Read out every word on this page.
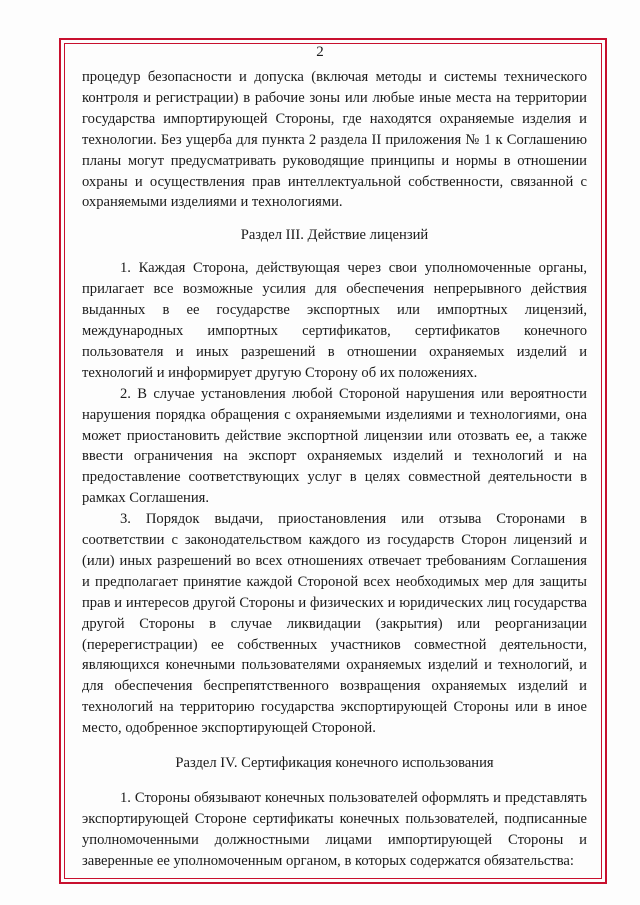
2

процедур безопасности и допуска (включая методы и системы технического контроля и регистрации) в рабочие зоны или любые иные места на территории государства импортирующей Стороны, где находятся охраняемые изделия и технологии. Без ущерба для пункта 2 раздела II приложения № 1 к Соглашению планы могут предусматривать руководящие принципы и нормы в отношении охраны и осуществления прав интеллектуальной собственности, связанной с охраняемыми изделиями и технологиями.

Раздел III. Действие лицензий

1. Каждая Сторона, действующая через свои уполномоченные органы, прилагает все возможные усилия для обеспечения непрерывного действия выданных в ее государстве экспортных или импортных лицензий, международных импортных сертификатов, сертификатов конечного пользователя и иных разрешений в отношении охраняемых изделий и технологий и информирует другую Сторону об их положениях.

2. В случае установления любой Стороной нарушения или вероятности нарушения порядка обращения с охраняемыми изделиями и технологиями, она может приостановить действие экспортной лицензии или отозвать ее, а также ввести ограничения на экспорт охраняемых изделий и технологий и на предоставление соответствующих услуг в целях совместной деятельности в рамках Соглашения.

3. Порядок выдачи, приостановления или отзыва Сторонами в соответствии с законодательством каждого из государств Сторон лицензий и (или) иных разрешений во всех отношениях отвечает требованиям Соглашения и предполагает принятие каждой Стороной всех необходимых мер для защиты прав и интересов другой Стороны и физических и юридических лиц государства другой Стороны в случае ликвидации (закрытия) или реорганизации (перерегистрации) ее собственных участников совместной деятельности, являющихся конечными пользователями охраняемых изделий и технологий, и для обеспечения беспрепятственного возвращения охраняемых изделий и технологий на территорию государства экспортирующей Стороны или в иное место, одобренное экспортирующей Стороной.

Раздел IV. Сертификация конечного использования

1. Стороны обязывают конечных пользователей оформлять и представлять экспортирующей Стороне сертификаты конечных пользователей, подписанные уполномоченными должностными лицами импортирующей Стороны и заверенные ее уполномоченным органом, в которых содержатся обязательства:
